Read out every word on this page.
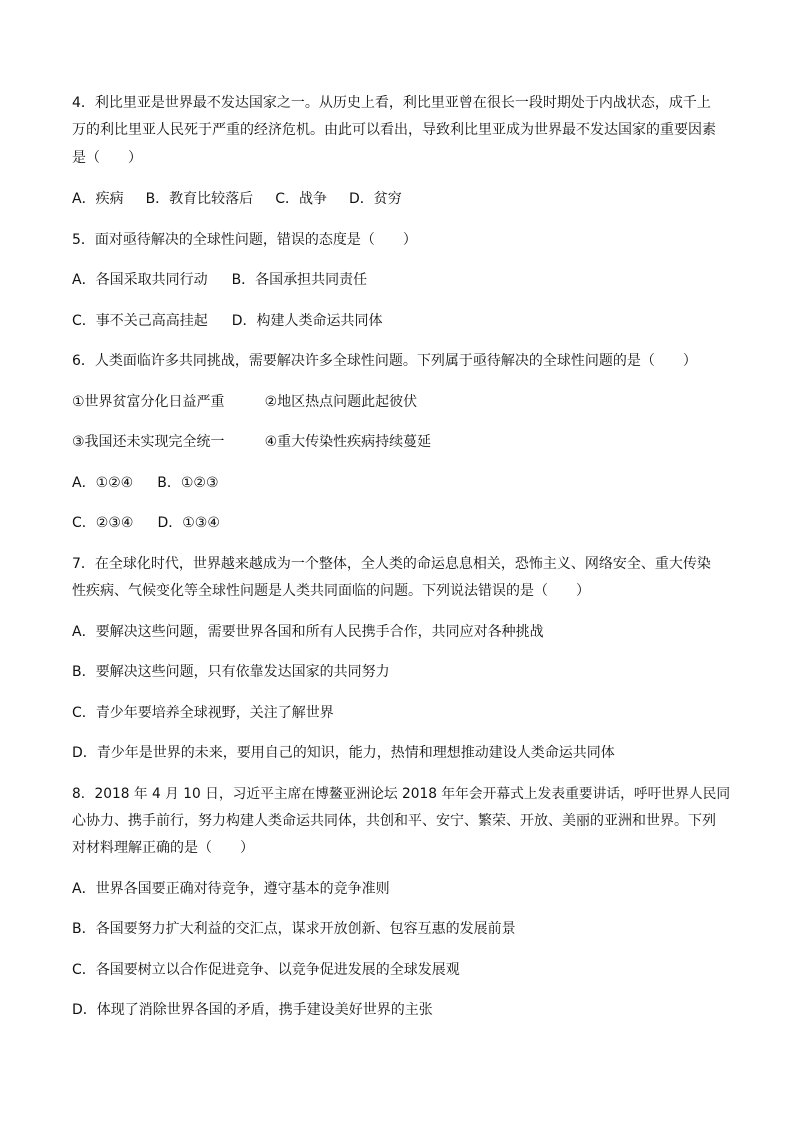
4．利比里亚是世界最不发达国家之一。从历史上看，利比里亚曾在很长一段时期处于内战状态，成千上
万的利比里亚人民死于严重的经济危机。由此可以看出，导致利比里亚成为世界最不发达国家的重要因素
是（　　）
A．疾病 B．教育比较落后 C．战争 D．贫穷
5．面对亟待解决的全球性问题，错误的态度是（　　）
A．各国采取共同行动 B．各国承担共同责任
C．事不关己高高挂起 D．构建人类命运共同体
6．人类面临许多共同挑战，需要解决许多全球性问题。下列属于亟待解决的全球性问题的是（　　）
①世界贫富分化日益严重	②地区热点问题此起彼伏
③我国还未实现完全统一	④重大传染性疾病持续蔓延
A．①②④ B．①②③
C．②③④ D．①③④
7．在全球化时代，世界越来越成为一个整体，全人类的命运息息相关，恐怖主义、网络安全、重大传染
性疾病、气候变化等全球性问题是人类共同面临的问题。下列说法错误的是（　　）
A．要解决这些问题，需要世界各国和所有人民携手合作，共同应对各种挑战
B．要解决这些问题，只有依靠发达国家的共同努力
C．青少年要培养全球视野，关注了解世界
D．青少年是世界的未来，要用自己的知识，能力，热情和理想推动建设人类命运共同体
8．2018 年 4 月 10 日，习近平主席在博鳌亚洲论坛 2018 年年会开幕式上发表重要讲话，呼吁世界人民同
心协力、携手前行，努力构建人类命运共同体，共创和平、安宁、繁荣、开放、美丽的亚洲和世界。下列
对材料理解正确的是（　　）
A．世界各国要正确对待竞争，遵守基本的竞争准则
B．各国要努力扩大利益的交汇点，谋求开放创新、包容互惠的发展前景
C．各国要树立以合作促进竞争、以竞争促进发展的全球发展观
D．体现了消除世界各国的矛盾，携手建设美好世界的主张
